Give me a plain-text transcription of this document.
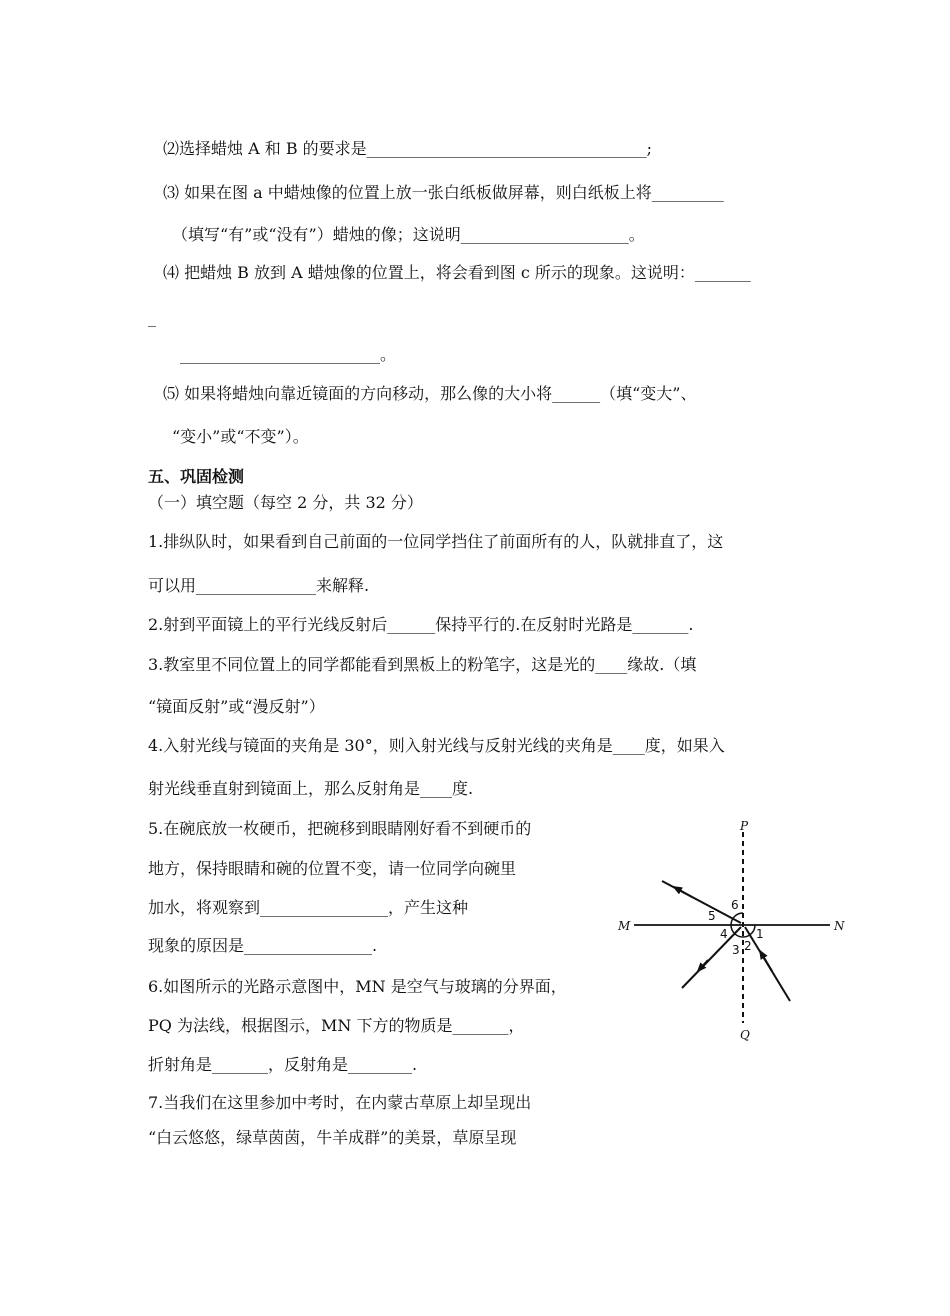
⑵选择蜡烛 A 和 B 的要求是___________________________________;
⑶ 如果在图 a 中蜡烛像的位置上放一张白纸板做屏幕，则白纸板上将_________
（填写“有”或“没有”）蜡烛的像；这说明_____________________。
⑷ 把蜡烛 B 放到 A 蜡烛像的位置上，将会看到图 c 所示的现象。这说明：_______
_
_________________________。
⑸ 如果将蜡烛向靠近镜面的方向移动，那么像的大小将______（填“变大”、
“变小”或“不变”）。
五、巩固检测
（一）填空题（每空 2 分，共 32 分）
1.排纵队时，如果看到自己前面的一位同学挡住了前面所有的人，队就排直了，这
可以用_______________来解释.
2.射到平面镜上的平行光线反射后______保持平行的.在反射时光路是_______.
3.教室里不同位置上的同学都能看到黑板上的粉笔字，这是光的____缘故.（填
“镜面反射”或“漫反射”）
4.入射光线与镜面的夹角是 30°，则入射光线与反射光线的夹角是____度，如果入
射光线垂直射到镜面上，那么反射角是____度.
5.在碗底放一枚硬币，把碗移到眼睛刚好看不到硬币的
地方，保持眼睛和碗的位置不变，请一位同学向碗里
加水，将观察到________________，产生这种
现象的原因是________________.
6.如图所示的光路示意图中，MN 是空气与玻璃的分界面，
PQ 为法线，根据图示，MN 下方的物质是_______，
折射角是_______，反射角是________.
7.当我们在这里参加中考时，在内蒙古草原上却呈现出
“白云悠悠，绿草茵茵，牛羊成群”的美景，草原呈现
P
Q
M	N
1
2
3
4
5
6
